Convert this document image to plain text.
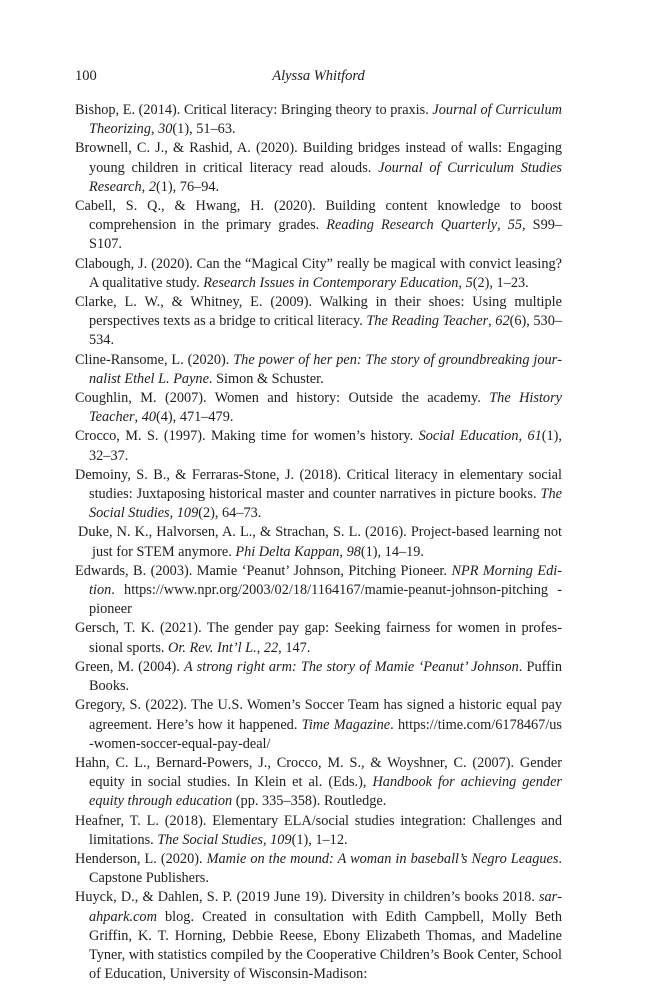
100	Alyssa Whitford
Bishop, E. (2014). Critical literacy: Bringing theory to praxis. Journal of Curriculum Theorizing, 30(1), 51–63.
Brownell, C. J., & Rashid, A. (2020). Building bridges instead of walls: Engaging young children in critical literacy read alouds. Journal of Curriculum Studies Research, 2(1), 76–94.
Cabell, S. Q., & Hwang, H. (2020). Building content knowledge to boost comprehension in the primary grades. Reading Research Quarterly, 55, S99–S107.
Clabough, J. (2020). Can the “Magical City” really be magical with convict leasing? A qualitative study. Research Issues in Contemporary Education, 5(2), 1–23.
Clarke, L. W., & Whitney, E. (2009). Walking in their shoes: Using multiple perspectives texts as a bridge to critical literacy. The Reading Teacher, 62(6), 530–534.
Cline-Ransome, L. (2020). The power of her pen: The story of groundbreaking journalist Ethel L. Payne. Simon & Schuster.
Coughlin, M. (2007). Women and history: Outside the academy. The History Teacher, 40(4), 471–479.
Crocco, M. S. (1997). Making time for women’s history. Social Education, 61(1), 32–37.
Demoiny, S. B., & Ferraras-Stone, J. (2018). Critical literacy in elementary social studies: Juxtaposing historical master and counter narratives in picture books. The Social Studies, 109(2), 64–73.
Duke, N. K., Halvorsen, A. L., & Strachan, S. L. (2016). Project-based learning not just for STEM anymore. Phi Delta Kappan, 98(1), 14–19.
Edwards, B. (2003). Mamie ‘Peanut’ Johnson, Pitching Pioneer. NPR Morning Edition. https://www.npr.org/2003/02/18/1164167/mamie-peanut-johnson-pitching -pioneer
Gersch, T. K. (2021). The gender pay gap: Seeking fairness for women in professional sports. Or. Rev. Int’l L., 22, 147.
Green, M. (2004). A strong right arm: The story of Mamie ‘Peanut’ Johnson. Puffin Books.
Gregory, S. (2022). The U.S. Women’s Soccer Team has signed a historic equal pay agreement. Here’s how it happened. Time Magazine. https://time.com/6178467/us -women-soccer-equal-pay-deal/
Hahn, C. L., Bernard-Powers, J., Crocco, M. S., & Woyshner, C. (2007). Gender equity in social studies. In Klein et al. (Eds.), Handbook for achieving gender equity through education (pp. 335–358). Routledge.
Heafner, T. L. (2018). Elementary ELA/social studies integration: Challenges and limitations. The Social Studies, 109(1), 1–12.
Henderson, L. (2020). Mamie on the mound: A woman in baseball’s Negro Leagues. Capstone Publishers.
Huyck, D., & Dahlen, S. P. (2019 June 19). Diversity in children’s books 2018. sarahpark.com blog. Created in consultation with Edith Campbell, Molly Beth Griffin, K. T. Horning, Debbie Reese, Ebony Elizabeth Thomas, and Madeline Tyner, with statistics compiled by the Cooperative Children’s Book Center, School of Education, University of Wisconsin-Madison:
